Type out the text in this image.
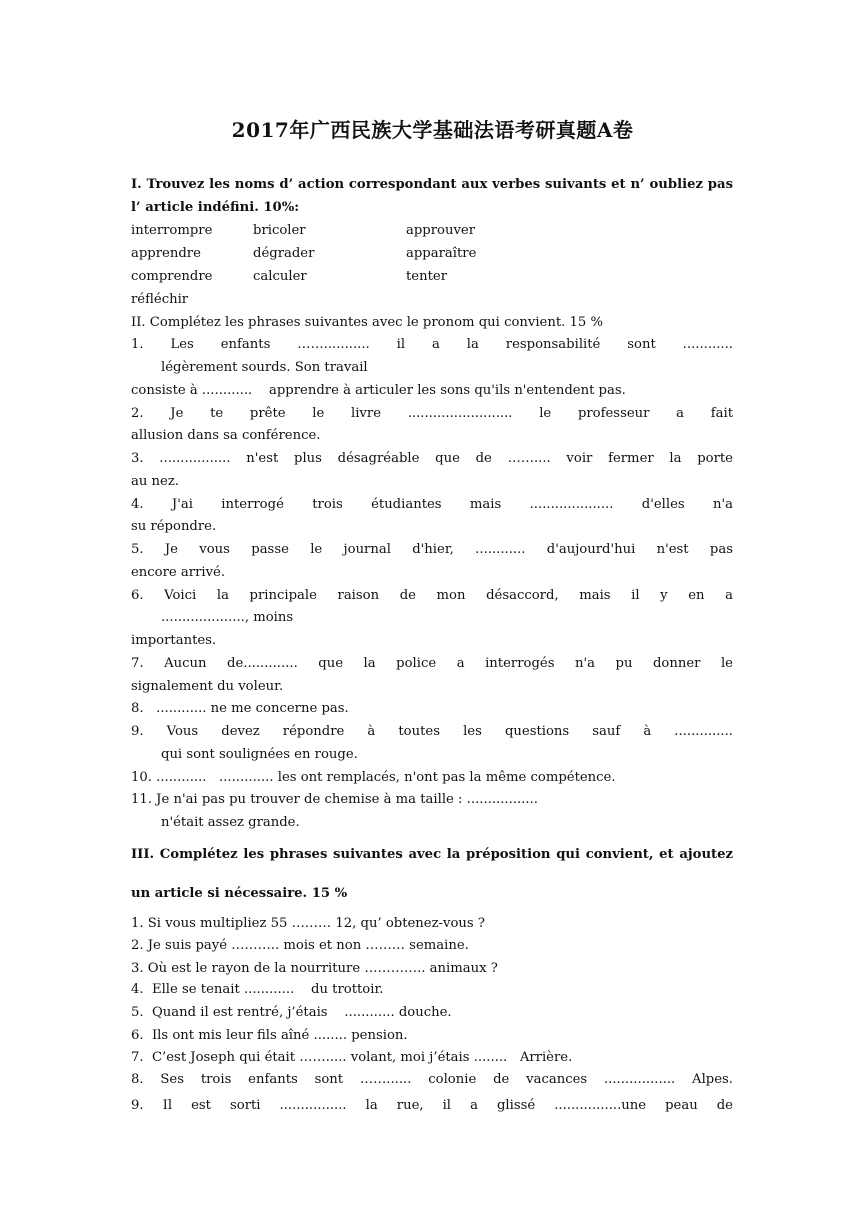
2017年广西民族大学基础法语考研真题A卷
I. Trouvez les noms d’ action correspondant aux verbes suivants et n’ oubliez pas
l’ article indéfini. 10%:
interrompre	bricoler	approuver
apprendre	dégrader	apparaître
comprendre	calculer	tenter
réfléchir
II. Complétez les phrases suivantes avec le pronom qui convient. 15 %
1. Les enfants ……........... il a la responsabilité sont ............
légèrement sourds. Son travail
consiste à ............    apprendre à articuler les sons qu'ils n'entendent pas.
2. Je te prête le livre ......................... le professeur a fait
allusion dans sa conférence.
3. ................. n'est plus désagréable que de …….... voir fermer la porte
au nez.
4. J'ai interrogé trois étudiantes mais .................... d'elles n'a
su répondre.
5. Je vous passe le journal d'hier, ............ d'aujourd'hui n'est pas
encore arrivé.
6. Voici la principale raison de mon désaccord, mais il y en a
...................., moins
importantes.
7. Aucun de............. que la police a interrogés n'a pu donner le
signalement du voleur.
8.   ............ ne me concerne pas.
9. Vous devez répondre à toutes les questions sauf à ..............
qui sont soulignées en rouge.
10. ............   ............. les ont remplacés, n'ont pas la même compétence.
11. Je n'ai pas pu trouver de chemise à ma taille : .................
n'était assez grande.
III. Complétez les phrases suivantes avec la préposition qui convient, et ajoutez
un article si nécessaire. 15 %
1. Si vous multipliez 55 ……… 12, qu’ obtenez-vous ?
2. Je suis payé ……….. mois et non ……… semaine.
3. Où est le rayon de la nourriture ………….. animaux ?
4.  Elle se tenait ............    du trottoir.
5.  Quand il est rentré, j’étais    ............ douche.
6.  Ils ont mis leur fils aîné ........ pension.
7.  C’est Joseph qui était ……..... volant, moi j’étais ........   Arrière.
8. Ses trois enfants sont ……...... colonie de vacances ................. Alpes.
9. Il est sorti ................ la rue, il a glissé ................une peau de
